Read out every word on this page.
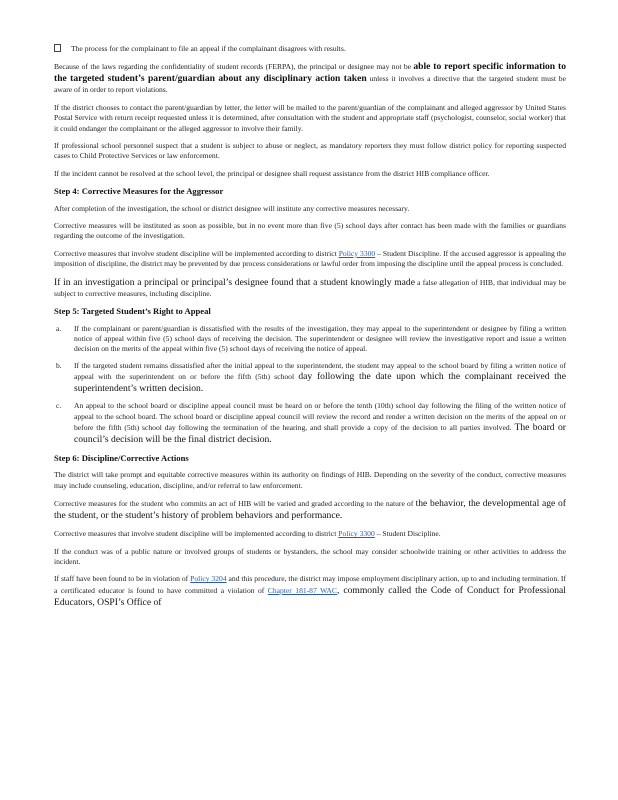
The process for the complainant to file an appeal if the complainant disagrees with results.

Because of the laws regarding the confidentiality of student records (FERPA), the principal or designee may not be able to report specific information to the targeted student’s parent/guardian about any disciplinary action taken unless it involves a directive that the targeted student must be aware of in order to report violations.

If the district chooses to contact the parent/guardian by letter, the letter will be mailed to the parent/guardian of the complainant and alleged aggressor by United States Postal Service with return receipt requested unless it is determined, after consultation with the student and appropriate staff (psychologist, counselor, social worker) that it could endanger the complainant or the alleged aggressor to involve their family.

If professional school personnel suspect that a student is subject to abuse or neglect, as mandatory reporters they must follow district policy for reporting suspected cases to Child Protective Services or law enforcement.

If the incident cannot be resolved at the school level, the principal or designee shall request assistance from the district HIB compliance officer.

Step 4: Corrective Measures for the Aggressor

After completion of the investigation, the school or district designee will institute any corrective measures necessary.

Corrective measures will be instituted as soon as possible, but in no event more than five (5) school days after contact has been made with the families or guardians regarding the outcome of the investigation.

Corrective measures that involve student discipline will be implemented according to district Policy 3300 – Student Discipline. If the accused aggressor is appealing the imposition of discipline, the district may be prevented by due process considerations or lawful order from imposing the discipline until the appeal process is concluded.

If in an investigation a principal or principal’s designee found that a student knowingly made a false allegation of HIB, that individual may be subject to corrective measures, including discipline.

Step 5: Targeted Student’s Right to Appeal
a. If the complainant or parent/guardian is dissatisfied with the results of the investigation, they may appeal to the superintendent or designee by filing a written notice of appeal within five (5) school days of receiving the decision. The superintendent or designee will review the investigative report and issue a written decision on the merits of the appeal within five (5) school days of receiving the notice of appeal.
b. If the targeted student remains dissatisfied after the initial appeal to the superintendent, the student may appeal to the school board by filing a written notice of appeal with the superintendent on or before the fifth (5th) school day following the date upon which the complainant received the superintendent’s written decision.
c. An appeal to the school board or discipline appeal council must be heard on or before the tenth (10th) school day following the filing of the written notice of appeal to the school board. The school board or discipline appeal council will review the record and render a written decision on the merits of the appeal on or before the fifth (5th) school day following the termination of the hearing, and shall provide a copy of the decision to all parties involved. The board or council’s decision will be the final district decision.
Step 6: Discipline/Corrective Actions

The district will take prompt and equitable corrective measures within its authority on findings of HIB. Depending on the severity of the conduct, corrective measures may include counseling, education, discipline, and/or referral to law enforcement.

Corrective measures for the student who commits an act of HIB will be varied and graded according to the nature of the behavior, the developmental age of the student, or the student’s history of problem behaviors and performance.

Corrective measures that involve student discipline will be implemented according to district Policy 3300 – Student Discipline.

If the conduct was of a public nature or involved groups of students or bystanders, the school may consider schoolwide training or other activities to address the incident.

If staff have been found to be in violation of Policy 3204 and this procedure, the district may impose employment disciplinary action, up to and including termination. If a certificated educator is found to have committed a violation of Chapter 181-87 WAC, commonly called the Code of Conduct for Professional Educators, OSPI’s Office of
